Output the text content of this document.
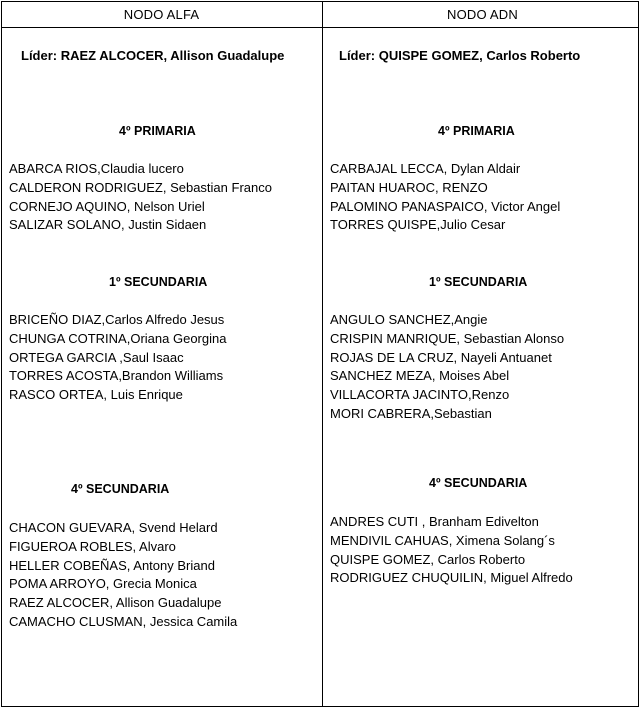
NODO ALFA
Líder: RAEZ ALCOCER, Allison Guadalupe
4º PRIMARIA
ABARCA RIOS,Claudia lucero
CALDERON RODRIGUEZ, Sebastian Franco
CORNEJO AQUINO, Nelson Uriel
SALIZAR SOLANO, Justin Sidaen
1º SECUNDARIA
BRICEÑO DIAZ,Carlos Alfredo Jesus
CHUNGA COTRINA,Oriana Georgina
ORTEGA GARCIA ,Saul Isaac
TORRES ACOSTA,Brandon Williams
RASCO ORTEA, Luis Enrique
4º SECUNDARIA
CHACON GUEVARA, Svend Helard
FIGUEROA ROBLES, Alvaro
HELLER COBEÑAS, Antony Briand
POMA ARROYO, Grecia Monica
RAEZ ALCOCER, Allison Guadalupe
CAMACHO CLUSMAN, Jessica Camila
NODO ADN
Líder: QUISPE GOMEZ, Carlos Roberto
4º PRIMARIA
CARBAJAL LECCA, Dylan Aldair
PAITAN HUAROC, RENZO
PALOMINO PANASPAICO, Victor Angel
TORRES QUISPE,Julio Cesar
1º SECUNDARIA
ANGULO SANCHEZ,Angie
CRISPIN MANRIQUE, Sebastian Alonso
ROJAS DE LA CRUZ, Nayeli Antuanet
SANCHEZ MEZA, Moises Abel
VILLACORTA JACINTO,Renzo
MORI CABRERA,Sebastian
4º SECUNDARIA
ANDRES CUTI , Branham Edivelton
MENDIVIL CAHUAS, Ximena Solang´s
QUISPE GOMEZ, Carlos Roberto
RODRIGUEZ CHUQUILIN, Miguel Alfredo
